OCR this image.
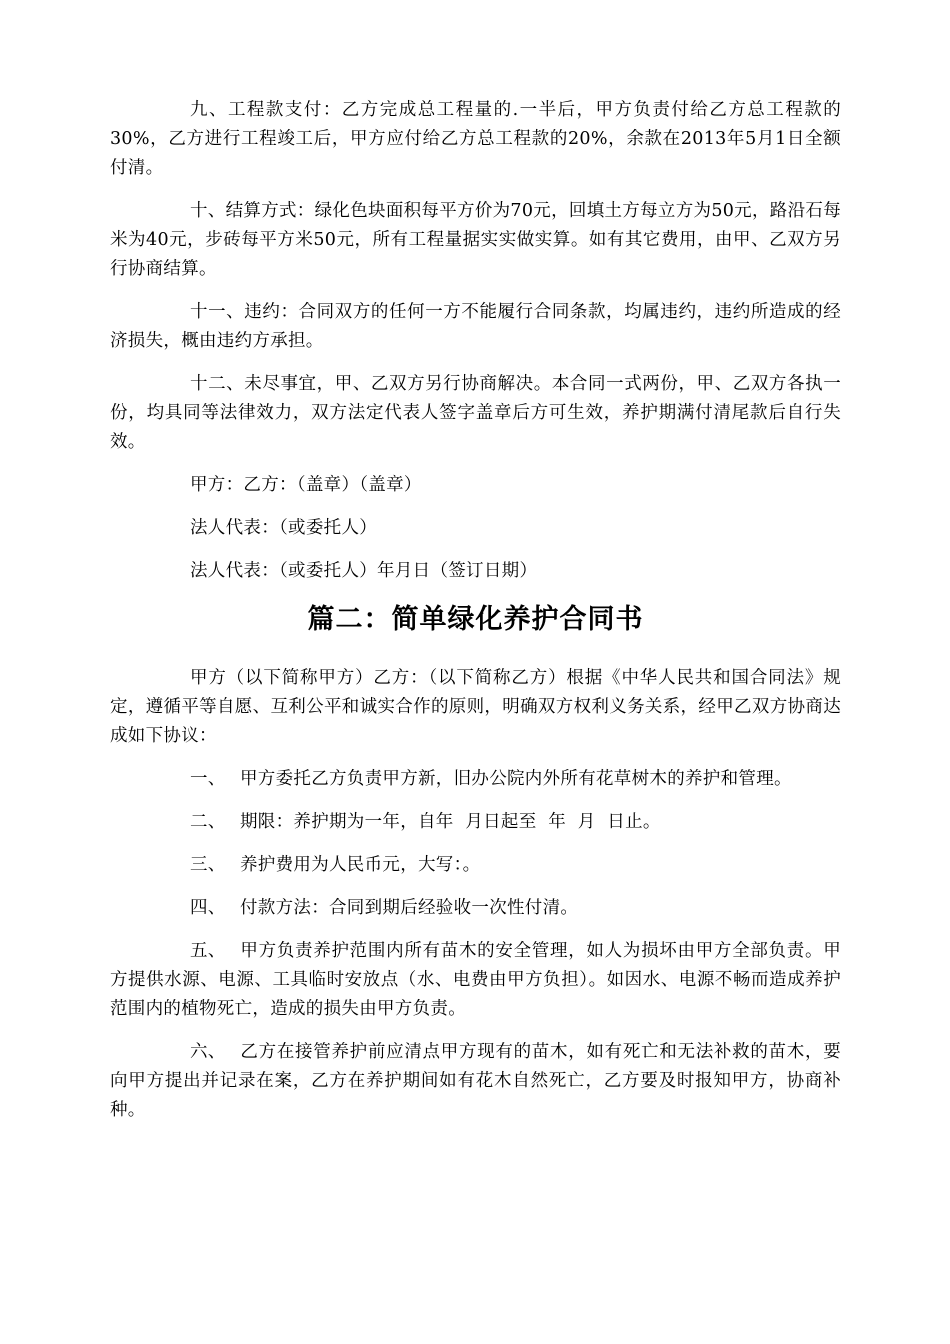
九、工程款支付：乙方完成总工程量的.一半后，甲方负责付给乙方总工程款的30%，乙方进行工程竣工后，甲方应付给乙方总工程款的20%，余款在2013年5月1日全额付清。

十、结算方式：绿化色块面积每平方价为70元，回填土方每立方为50元，路沿石每米为40元，步砖每平方米50元，所有工程量据实实做实算。如有其它费用，由甲、乙双方另行协商结算。

十一、违约：合同双方的任何一方不能履行合同条款，均属违约，违约所造成的经济损失，概由违约方承担。

十二、未尽事宜，甲、乙双方另行协商解决。本合同一式两份，甲、乙双方各执一份，均具同等法律效力，双方法定代表人签字盖章后方可生效，养护期满付清尾款后自行失效。

甲方：乙方：（盖章）（盖章）

法人代表：（或委托人）

法人代表：（或委托人）年月日（签订日期）

篇二：简单绿化养护合同书

甲方（以下简称甲方）乙方：（以下简称乙方）根据《中华人民共和国合同法》规定，遵循平等自愿、互利公平和诚实合作的原则，明确双方权利义务关系，经甲乙双方协商达成如下协议：

一、 甲方委托乙方负责甲方新，旧办公院内外所有花草树木的养护和管理。

二、 期限：养护期为一年，自年  月日起至  年  月  日止。

三、 养护费用为人民币元，大写：。

四、 付款方法：合同到期后经验收一次性付清。

五、 甲方负责养护范围内所有苗木的安全管理，如人为损坏由甲方全部负责。甲方提供水源、电源、工具临时安放点（水、电费由甲方负担）。如因水、电源不畅而造成养护范围内的植物死亡，造成的损失由甲方负责。

六、 乙方在接管养护前应清点甲方现有的苗木，如有死亡和无法补救的苗木，要向甲方提出并记录在案，乙方在养护期间如有花木自然死亡，乙方要及时报知甲方，协商补种。
